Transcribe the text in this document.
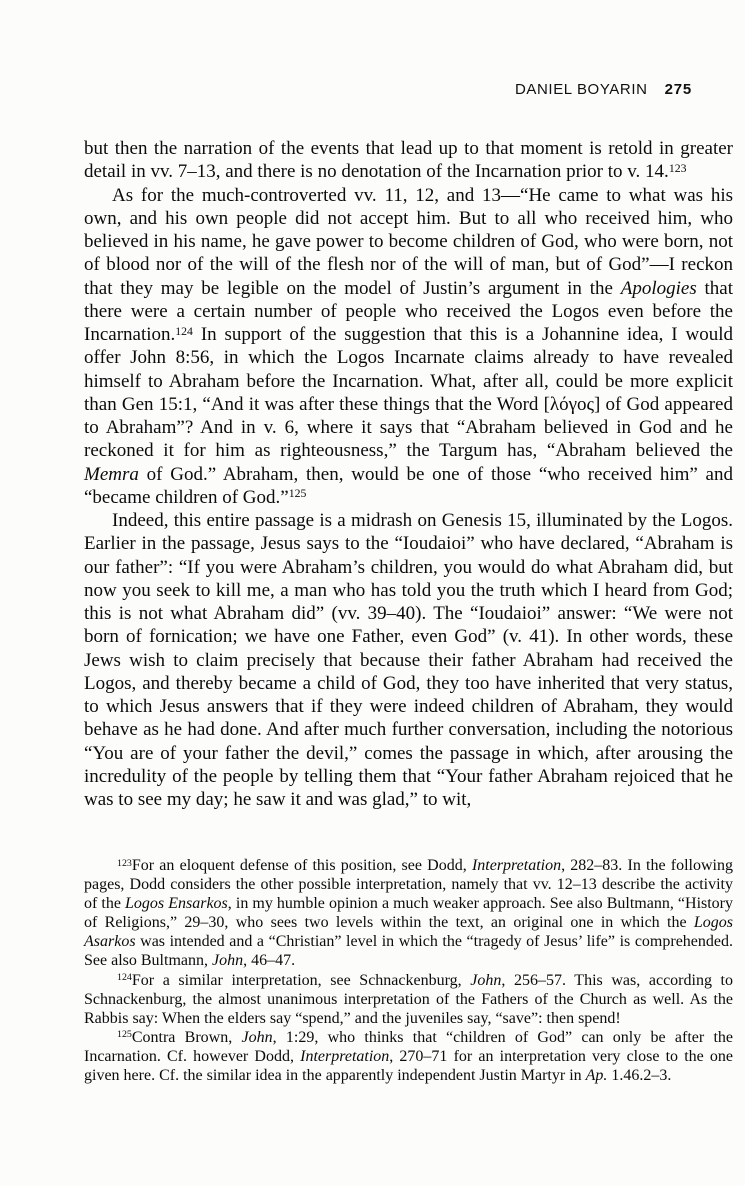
DANIEL BOYARIN 275

but then the narration of the events that lead up to that moment is retold in greater detail in vv. 7–13, and there is no denotation of the Incarnation prior to v. 14.$^{123}$

As for the much-controverted vv. 11, 12, and 13—“He came to what was his own, and his own people did not accept him. But to all who received him, who believed in his name, he gave power to become children of God, who were born, not of blood nor of the will of the flesh nor of the will of man, but of God”—I reckon that they may be legible on the model of Justin’s argument in the Apologies that there were a certain number of people who received the Logos even before the Incarnation.$^{124}$ In support of the suggestion that this is a Johannine idea, I would offer John 8:56, in which the Logos Incarnate claims already to have revealed himself to Abraham before the Incarnation. What, after all, could be more explicit than Gen 15:1, “And it was after these things that the Word [λόγος] of God appeared to Abraham”? And in v. 6, where it says that “Abraham believed in God and he reckoned it for him as righteousness,” the Targum has, “Abraham believed the Memra of God.” Abraham, then, would be one of those “who received him” and “became children of God.”$^{125}$

Indeed, this entire passage is a midrash on Genesis 15, illuminated by the Logos. Earlier in the passage, Jesus says to the “Ioudaioi” who have declared, “Abraham is our father”: “If you were Abraham’s children, you would do what Abraham did, but now you seek to kill me, a man who has told you the truth which I heard from God; this is not what Abraham did” (vv. 39–40). The “Ioudaioi” answer: “We were not born of fornication; we have one Father, even God” (v. 41). In other words, these Jews wish to claim precisely that because their father Abraham had received the Logos, and thereby became a child of God, they too have inherited that very status, to which Jesus answers that if they were indeed children of Abraham, they would behave as he had done. And after much further conversation, including the notorious “You are of your father the devil,” comes the passage in which, after arousing the incredulity of the people by telling them that “Your father Abraham rejoiced that he was to see my day; he saw it and was glad,” to wit,

$^{123}$For an eloquent defense of this position, see Dodd, Interpretation, 282–83. In the following pages, Dodd considers the other possible interpretation, namely that vv. 12–13 describe the activity of the Logos Ensarkos, in my humble opinion a much weaker approach. See also Bultmann, “History of Religions,” 29–30, who sees two levels within the text, an original one in which the Logos Asarkos was intended and a “Christian” level in which the “tragedy of Jesus’ life” is comprehended. See also Bultmann, John, 46–47.

$^{124}$For a similar interpretation, see Schnackenburg, John, 256–57. This was, according to Schnackenburg, the almost unanimous interpretation of the Fathers of the Church as well. As the Rabbis say: When the elders say “spend,” and the juveniles say, “save”: then spend!

$^{125}$Contra Brown, John, 1:29, who thinks that “children of God” can only be after the Incarnation. Cf. however Dodd, Interpretation, 270–71 for an interpretation very close to the one given here. Cf. the similar idea in the apparently independent Justin Martyr in Ap. 1.46.2–3.
